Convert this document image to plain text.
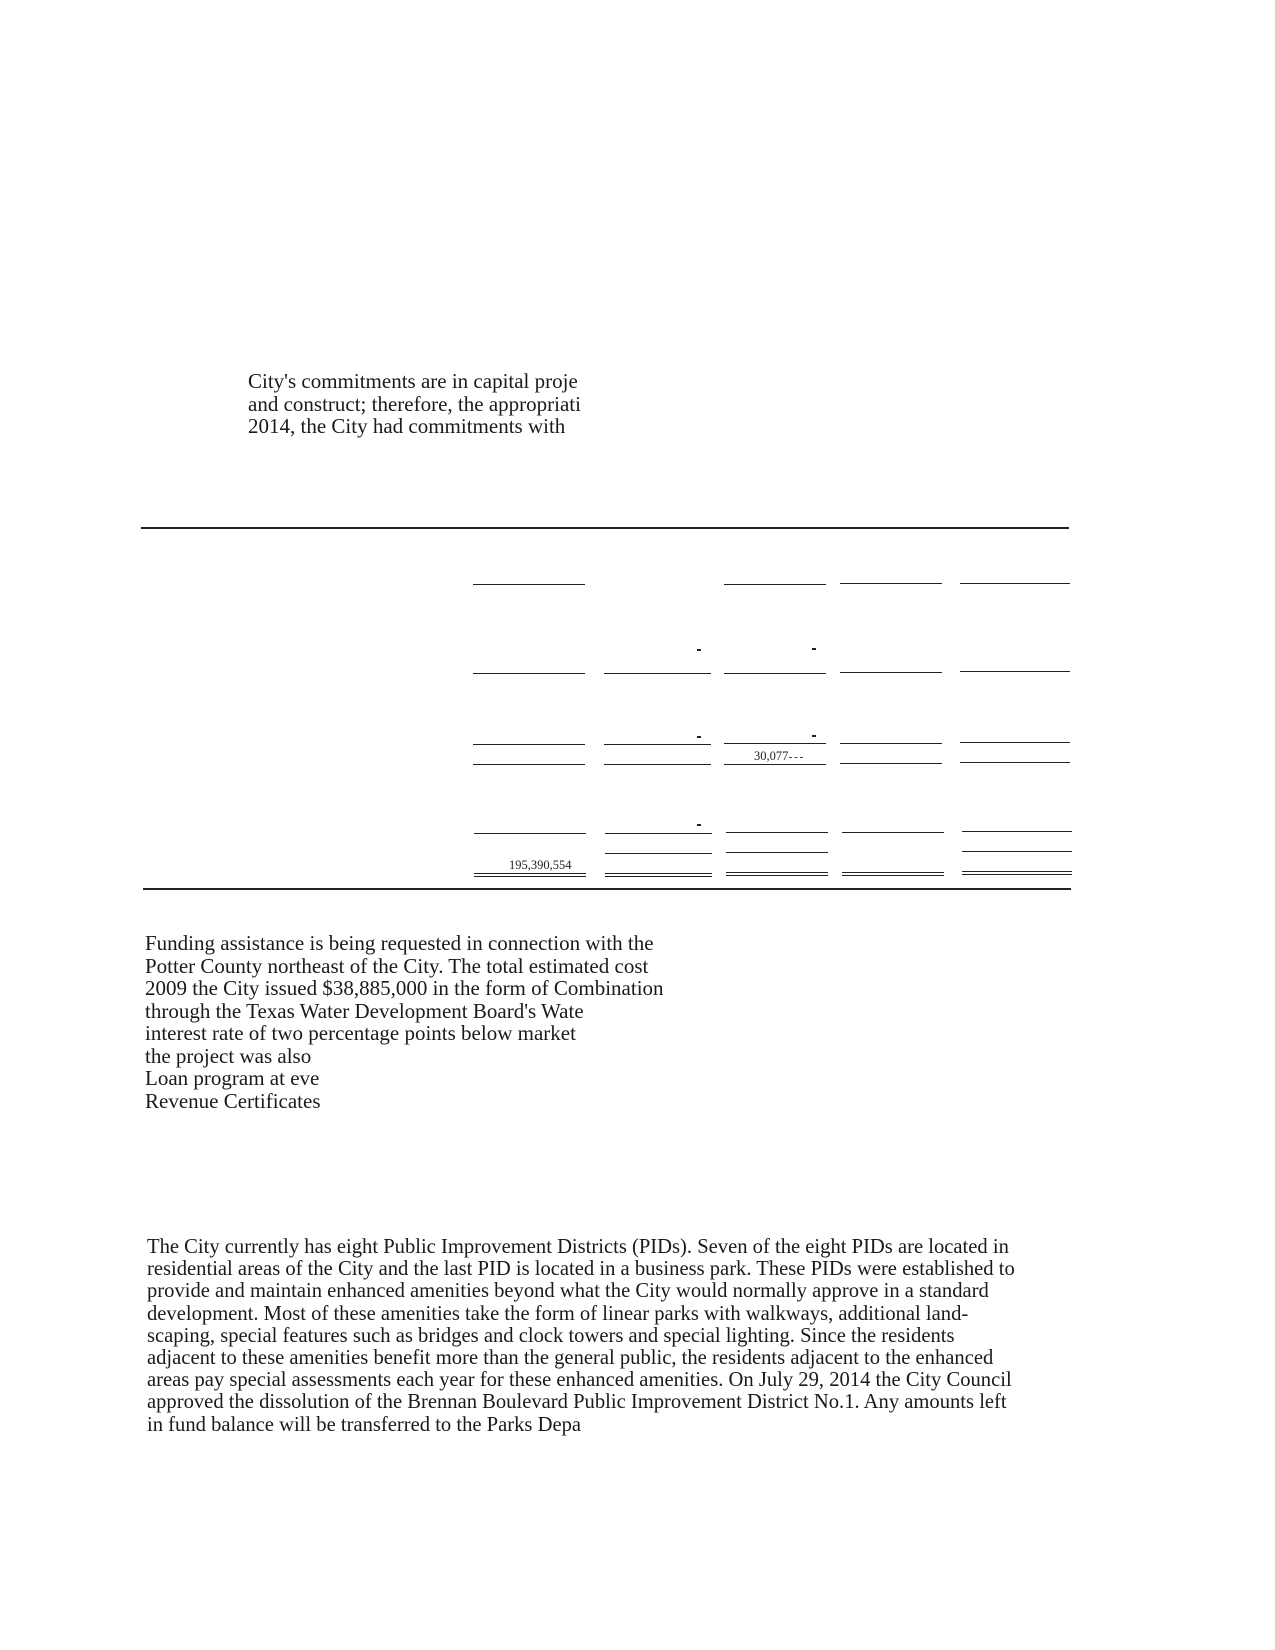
City's commitments are in capital proje
and construct; therefore, the appropriati
2014, the City had commitments with

30,077
195,390,554

Funding assistance is being requested in connection with the
Potter County northeast of the City. The total estimated cost
2009 the City issued $38,885,000 in the form of Combination
through the Texas Water Development Board's Wate
interest rate of two percentage points below market
the project was also
Loan program at eve
Revenue Certificates

The City currently has eight Public Improvement Districts (PIDs). Seven of the eight PIDs are located in
residential areas of the City and the last PID is located in a business park. These PIDs were established to
provide and maintain enhanced amenities beyond what the City would normally approve in a standard
development. Most of these amenities take the form of linear parks with walkways, additional land-
scaping, special features such as bridges and clock towers and special lighting. Since the residents
adjacent to these amenities benefit more than the general public, the residents adjacent to the enhanced
areas pay special assessments each year for these enhanced amenities. On July 29, 2014 the City Council
approved the dissolution of the Brennan Boulevard Public Improvement District No.1. Any amounts left
in fund balance will be transferred to the Parks Depa
